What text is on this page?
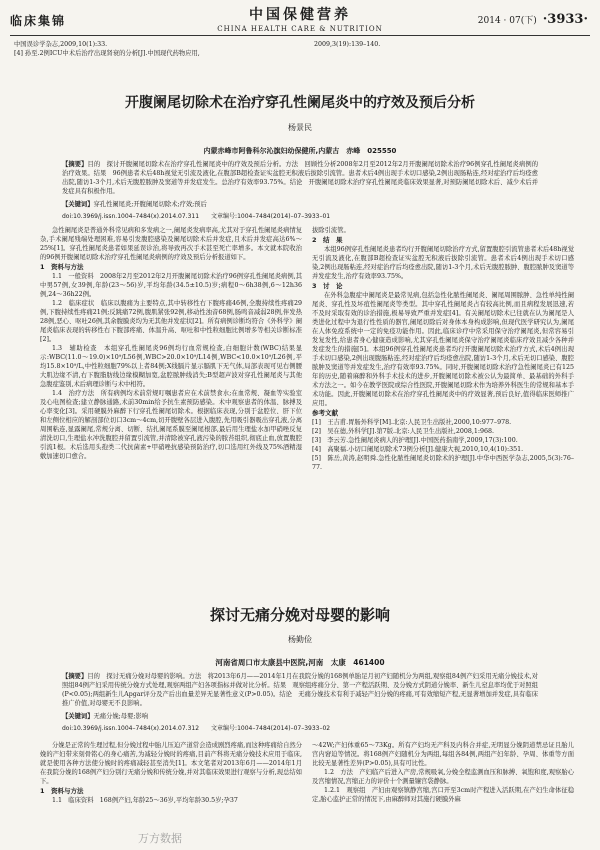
临床集锦	中国保健营养
CHINA HEALTH CARE & NUTRITION
2014 · 07(下) ·3933·
中国误诊学杂志,2009,10(1):33.
[4] 孙至.2例ICU中术后治疗出现肾衰的分析[J].中国现代药物应用,
2009,3(19):139–140.
开腹阑尾切除术在治疗穿孔性阑尾炎中的疗效及预后分析
杨景民
内蒙赤峰市阿鲁科尔沁旗妇幼保健所,内蒙古　赤峰　025550
【摘要】目的　探讨开腹阑尾切除术在治疗穿孔性阑尾炎中的疗效及预后分析。方法　回顾性分析2008年2月至2012年2月开腹阑尾切除术治疗96例穿孔性阑尾炎病例的治疗效果。结果　96例患者术后48h视觉无引流及液化,在腹部B超检查证实盆腔无积液后拔除引流管。患者术后4例出现手术切口感染,2例出现肠粘连,经对症治疗后均痊愈出院,随访1-3个月,术后无腹腔脓肿及窦道等并发症发生。总治疗有效率93.75%。结论　开腹阑尾切除术治疗穿孔性阑尾炎临床效果显著,对预防阑尾切除术后、减少术后并发症具有积极作用。
【关键词】穿孔性阑尾炎;开腹阑尾切除术;疗效;预后
doi:10.3969/j.issn.1004–7484(x).2014.07.311　　文章编号:1004–7484(2014)–07–3933–01

急性阑尾炎是普通外科常见病和多发病之一,阑尾炎发病率高,尤其对于穿孔性阑尾炎病情复杂,手术阑尾残端处理困难,容易引发腹腔感染及阑尾切除术后并发症,且术后并发症高达6%～25%[1]。穿孔性阑尾炎患者如果延误诊治,将导致再次手术甚至死亡率增多。本文就本院收治的96例开腹阑尾切除术治疗穿孔性阑尾炎病例的疗效及预后分析报道如下。

1　资料与方法

1.1　一般资料　2008年2月至2012年2月开腹阑尾切除术治疗96例穿孔性阑尾炎病例,其中男57例,女39例,年龄(23～56)岁,平均年龄(34.5±10.5)岁;病程0～6h38例,6～12h36例,24～36h22例。

1.2　临床症状　临床以腹痛为主要特点,其中转移性右下腹疼痛46例,全腹持续性疼痛29例,下腹持续性疼痛21例;反跳痛72例,腹肌紧张92例,移动性浊音68例,肠鸣音减弱28例,伴发热28例,恶心、呕吐26例,其余腹膜炎均为无其他并发症状[2]。所有病例诊断均符合《外科学》阑尾炎临床表现的转移性右下腹部疼痛、体温升高、呕吐和中性粒细胞比例增多等相关诊断标准[2]。

1.3　辅助检查　本组穿孔性阑尾炎96例均行血常规检查,白细胞计数(WBC)结果显示:WBC(11.0～19.0)×10⁹/L56例,WBC>20.0×10⁹/L14例,WBC<10.0×10⁹/L26例,平均15.8×10⁹/L,中性粒细胞79%以上者84例;X线膈片显示膈肌下无气体,局部表现可见右侧腰大肌边缘不清,右下腹脂肪线边缘模糊加宽,盆腔脓肿线消失;B型超声波对穿孔性阑尾炎与其他急腹症鉴别,术后病理诊断与术中相符。

1.4　治疗方法　所有病例均术前常规叮嘱患者应在术前禁食水;在血常规、凝血等实验室及心电图检查;建立静脉通路,术前30min给予抗生素预防感染。术中观察患者的体温、脉搏及心率变化[3]。采用硬膜外麻醉下行穿孔性阑尾切除术。根据临床表现,分别于盆腔位、肝下位和左侧位相应的解剖部位切口3cm～4cm,切开腹壁各层进入腹腔,先用吸引器吸出穿孔液,分离周围粘连,显露阑尾,常规分离、切断、结扎阑尾系膜至阑尾根部,最后用生理盐水加甲硝唑反复清洗切口,生理盐水冲洗腹腔并留置引流管,并清除被穿孔液污染的脓苔组织,彻底止血,放置腹腔引流1根。术后选用头孢类二代抗菌素+甲硝唑抗感染预防治疗,切口选用红外线及75%酒精湿敷加速切口愈合。

拔除引流管。

2　结　果

本组96例穿孔性阑尾炎患者均行开腹阑尾切除治疗方式,留置腹腔引流管患者术后48h视觉无引流及液化,在腹部B超检查证实盆腔无积液后拔除引流管。患者术后4例出现手术切口感染,2例出现肠粘连,经对症治疗后均痊愈出院,随访1-3个月,术后无腹腔脓肿、腹腔脓肿及窦道等并发症发生,治疗有效率93.75%。

3　讨　论

在外科急腹症中阑尾炎是最常见病,包括急性化脓性阑尾炎、阑尾周围脓肿、急性单纯性阑尾炎、穿孔性及坏疽性阑尾炎等类型。其中穿孔性阑尾炎占有较高比例,而且病程发展迅速,若不及时采取有效的诊治措施,极易导致严重并发症[4]。有关阑尾切除术已往就在认为阑尾是人类进化过程中为退行性性质的器官,阑尾切除后对身体本身构成影响,但现代医学研究认为,阑尾在人体免疫系统中一定的免疫功能作用。因此,临床诊疗中常采用保守治疗阑尾炎,但常容易引发复发性,给患者身心健康造成影响,尤其穿孔性阑尾炎保守治疗阑尾炎临床疗效且减少各种并发症发生的措施[5]。本组96例穿孔性阑尾炎患者均行开腹阑尾切除术治疗方式,术后4例出现手术切口感染,2例出现腹肠粘连,经对症治疗后均痊愈出院,随访1-3个月,术后无切口感染、腹腔脓肿及窦道等并发症发生,治疗有效率93.75%。同时,开腹阑尾切除术治疗急性阑尾炎已有125年的历史,随着麻醉和外科手术技术的进步,开腹阑尾切除术被公认为最简单、最基础的外科手术方法之一。如今在教学医院或综合性医院,开腹阑尾切除术作为培养外科医生的常规和基本手术功能。因此,开腹阑尾切除术在治疗穿孔性阑尾炎中的疗效显著,预后良好,值得临床医师推广应用。

参考文献

[1]　王吉甫.胃肠外科学[M].北京:人民卫生出版社,2000,10:977–978.

[2]　吴在德,外科学[J].第7版.北京:人民卫生出版社,2008,1:968.

[3]　李云芳.急性阑尾炎病人的护理[J].中国医药指南学,2009,17(3):100.

[4]　高聚福.小切口阑尾切除术73例分析[J].健康大视,2010,10,4(10):351.

[5]　陈岳,黄涛,赵明舜.急性化脓性阑尾炎切除术的护理[J].中华中西医学杂志,2005,5(3):76–77.

探讨无痛分娩对母婴的影响
杨勤俭
河南省周口市太康县中医院,河南　太康　461400
【摘要】目的　探讨无痛分娩对母婴的影响。方法　将2013年6月——2014年1月在我院分娩的168例单胎足月初产妇随机分为两组,观察组84例产妇采用无痛分娩技术,对照组84例产妇采用传统分娩方式处理,观察两组产妇各项指标并做对比分析。结果　观察组疼痛分分、第一产程活跃期、及分娩方式阴道分娩率、新生儿窒息率均优于对照组(P<0.05);两组新生儿Apgar评分及产后出血量差异无显著性意义(P>0.05)。结论　无痛分娩技术有利于减轻产妇分娩的疼痛,可有效缩短产程,无显著增加并发症,具有临床推广价值,对母婴无不良影响。
【关键词】无痛分娩;母婴;影响
doi:10.3969/j.issn.1004–7484(x).2014.07.312　　文章编号:1004–7484(2014)–07–3933–02

分娩是正常的生理过程,但分娩过程中胎儿压迫产道常会造成剧烈疼痛,而这种疼痛给自然分娩的产妇带来刻骨铭心的身心痛苦,为减轻分娩时的疼痛,目前产科将无痛分娩技术应用于临床,就是使用各种方法使分娩时的疼痛减轻甚至消失[1]。本文笔者对2013年6月——2014年1月在我院分娩的168例产妇分别行无痛分娩和传统分娩,并对其临床效果进行观察与分析,现总结如下。

1　资料与方法

1.1　临床资料　168例产妇,年龄25～36岁,平均年龄30.5岁;孕37

～42W;产妇体重65～73Kg。所有产妇均无产科及内科合并症,无明显分娩阴道禁忌证且胎儿宫内窘迫等情况。将168例产妇随机分为两组,每组各84例,两组产妇年龄、孕周、体重等方面比较无显著性差异(P>0.05),具有可比性。

1.2　方法　产妇临产后进入产房,常规吸氧,分娩全程监测血压和脉搏、氧饱和度,观察胎心及宫缩情况,宫缩正力的评价十个测量镶宫袋静脉。

1.2.1　观察组　产妇由观察镇静宫缩,宫口开至3cm时产程进入活跃期,在产妇生命体征稳定,胎心监护正常的情况下,由麻醉师对其施行硬膜外麻

万方数据
